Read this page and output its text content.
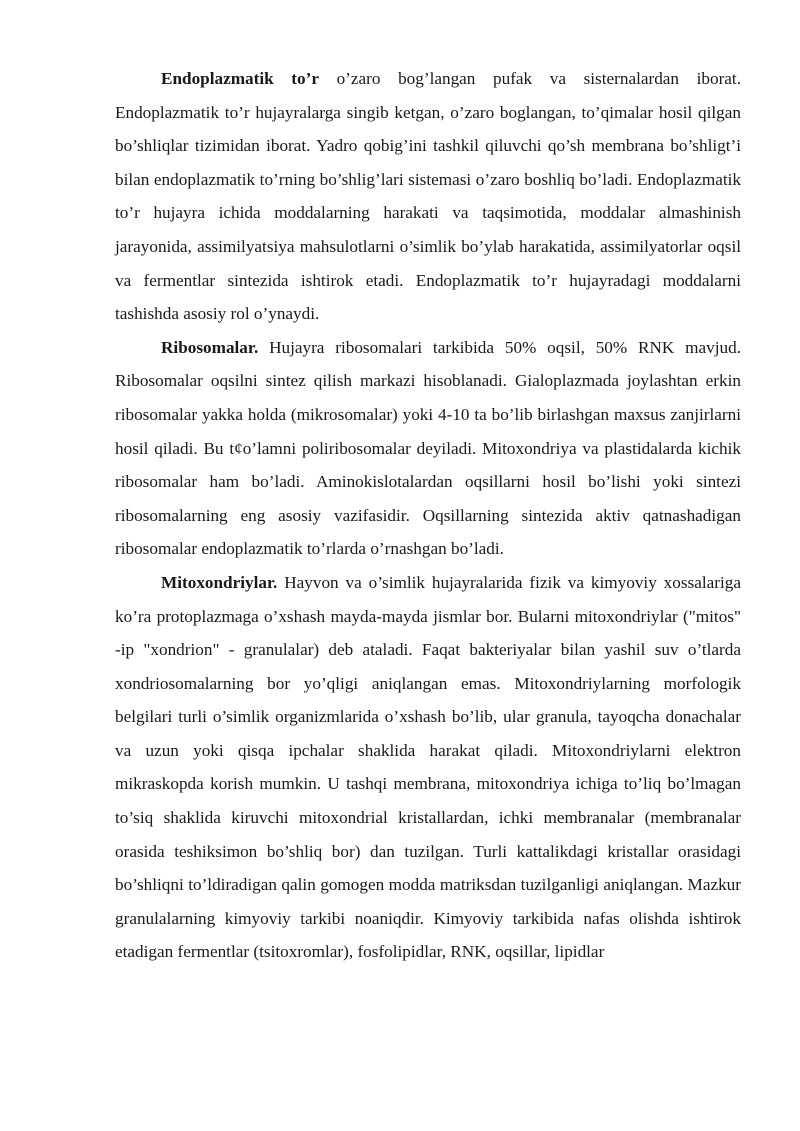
Endoplazmatik to’r o’zaro bog’langan pufak va sisternalardan iborat. Endoplazmatik to’r hujayralarga singib ketgan, o’zaro boglangan, to’qimalar hosil qilgan bo’shliqlar tizimidan iborat. Yadro qobig’ini tashkil qiluvchi qo’sh membrana bo’shligt’i bilan endoplazmatik to’rning bo’shlig’lari sistemasi o’zaro boshliq bo’ladi. Endoplazmatik to’r hujayra ichida moddalarning harakati va taqsimotida, moddalar almashinish jarayonida, assimilyatsiya mahsulotlarni o’simlik bo’ylab harakatida, assimilyatorlar oqsil va fermentlar sintezida ishtirok etadi. Endoplazmatik to’r hujayradagi moddalarni tashishda asosiy rol o’ynaydi.

Ribosomalar. Hujayra ribosomalari tarkibida 50% oqsil, 50% RNK mavjud. Ribosomalar oqsilni sintez qilish markazi hisoblanadi. Gialoplazmada joylashtan erkin ribosomalar yakka holda (mikrosomalar) yoki 4-10 ta bo’lib birlashgan maxsus zanjirlarni hosil qiladi. Bu t¢o’lamni poliribosomalar deyiladi. Mitoxondriya va plastidalarda kichik ribosomalar ham bo’ladi. Aminokislotalardan oqsillarni hosil bo’lishi yoki sintezi ribosomalarning eng asosiy vazifasidir. Oqsillarning sintezida aktiv qatnashadigan ribosomalar endoplazmatik to’rlarda o’rnashgan bo’ladi.

Mitoxondriylar. Hayvon va o’simlik hujayralarida fizik va kimyoviy xossalariga ko’ra protoplazmaga o’xshash mayda-mayda jismlar bor. Bularni mitoxondriylar ("mitos" -ip "xondrion" - granulalar) deb ataladi. Faqat bakteriyalar bilan yashil suv o’tlarda xondriosomalarning bor yo’qligi aniqlangan emas. Mitoxondriylarning morfologik belgilari turli o’simlik organizmlarida o’xshash bo’lib, ular granula, tayoqcha donachalar va uzun yoki qisqa ipchalar shaklida harakat qiladi. Mitoxondriylarni elektron mikraskopda korish mumkin. U tashqi membrana, mitoxondriya ichiga to’liq bo’lmagan to’siq shaklida kiruvchi mitoxondrial kristallardan, ichki membranalar (membranalar orasida teshiksimon bo’shliq bor) dan tuzilgan. Turli kattalikdagi kristallar orasidagi bo’shliqni to’ldiradigan qalin gomogen modda matriksdan tuzilganligi aniqlangan. Mazkur granulalarning kimyoviy tarkibi noaniqdir. Kimyoviy tarkibida nafas olishda ishtirok etadigan fermentlar (tsitoxromlar), fosfolipidlar, RNK, oqsillar, lipidlar
